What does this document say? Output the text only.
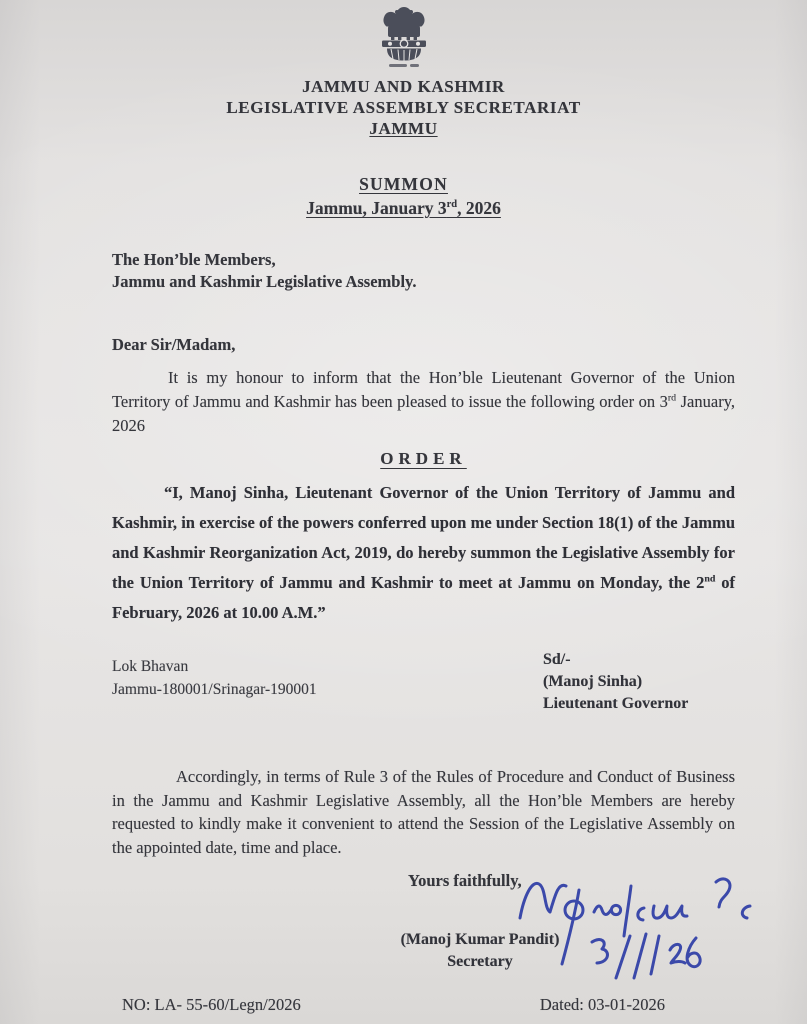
JAMMU AND KASHMIR
LEGISLATIVE ASSEMBLY SECRETARIAT
JAMMU
SUMMON
Jammu, January 3rd, 2026
The Hon’ble Members,
Jammu and Kashmir Legislative Assembly.
Dear Sir/Madam,
It is my honour to inform that the Hon’ble Lieutenant Governor of the Union Territory of Jammu and Kashmir has been pleased to issue the following order on 3rd January, 2026
ORDER
“I, Manoj Sinha, Lieutenant Governor of the Union Territory of Jammu and Kashmir, in exercise of the powers conferred upon me under Section 18(1) of the Jammu and Kashmir Reorganization Act, 2019, do hereby summon the Legislative Assembly for the Union Territory of Jammu and Kashmir to meet at Jammu on Monday, the 2nd of February, 2026 at 10.00 A.M.”
Lok Bhavan
Jammu-180001/Srinagar-190001
Sd/-
(Manoj Sinha)
Lieutenant Governor
Accordingly, in terms of Rule 3 of the Rules of Procedure and Conduct of Business in the Jammu and Kashmir Legislative Assembly, all the Hon’ble Members are hereby requested to kindly make it convenient to attend the Session of the Legislative Assembly on the appointed date, time and place.
Yours faithfully,
(Manoj Kumar Pandit)
Secretary
NO: LA- 55-60/Legn/2026	Dated: 03-01-2026
